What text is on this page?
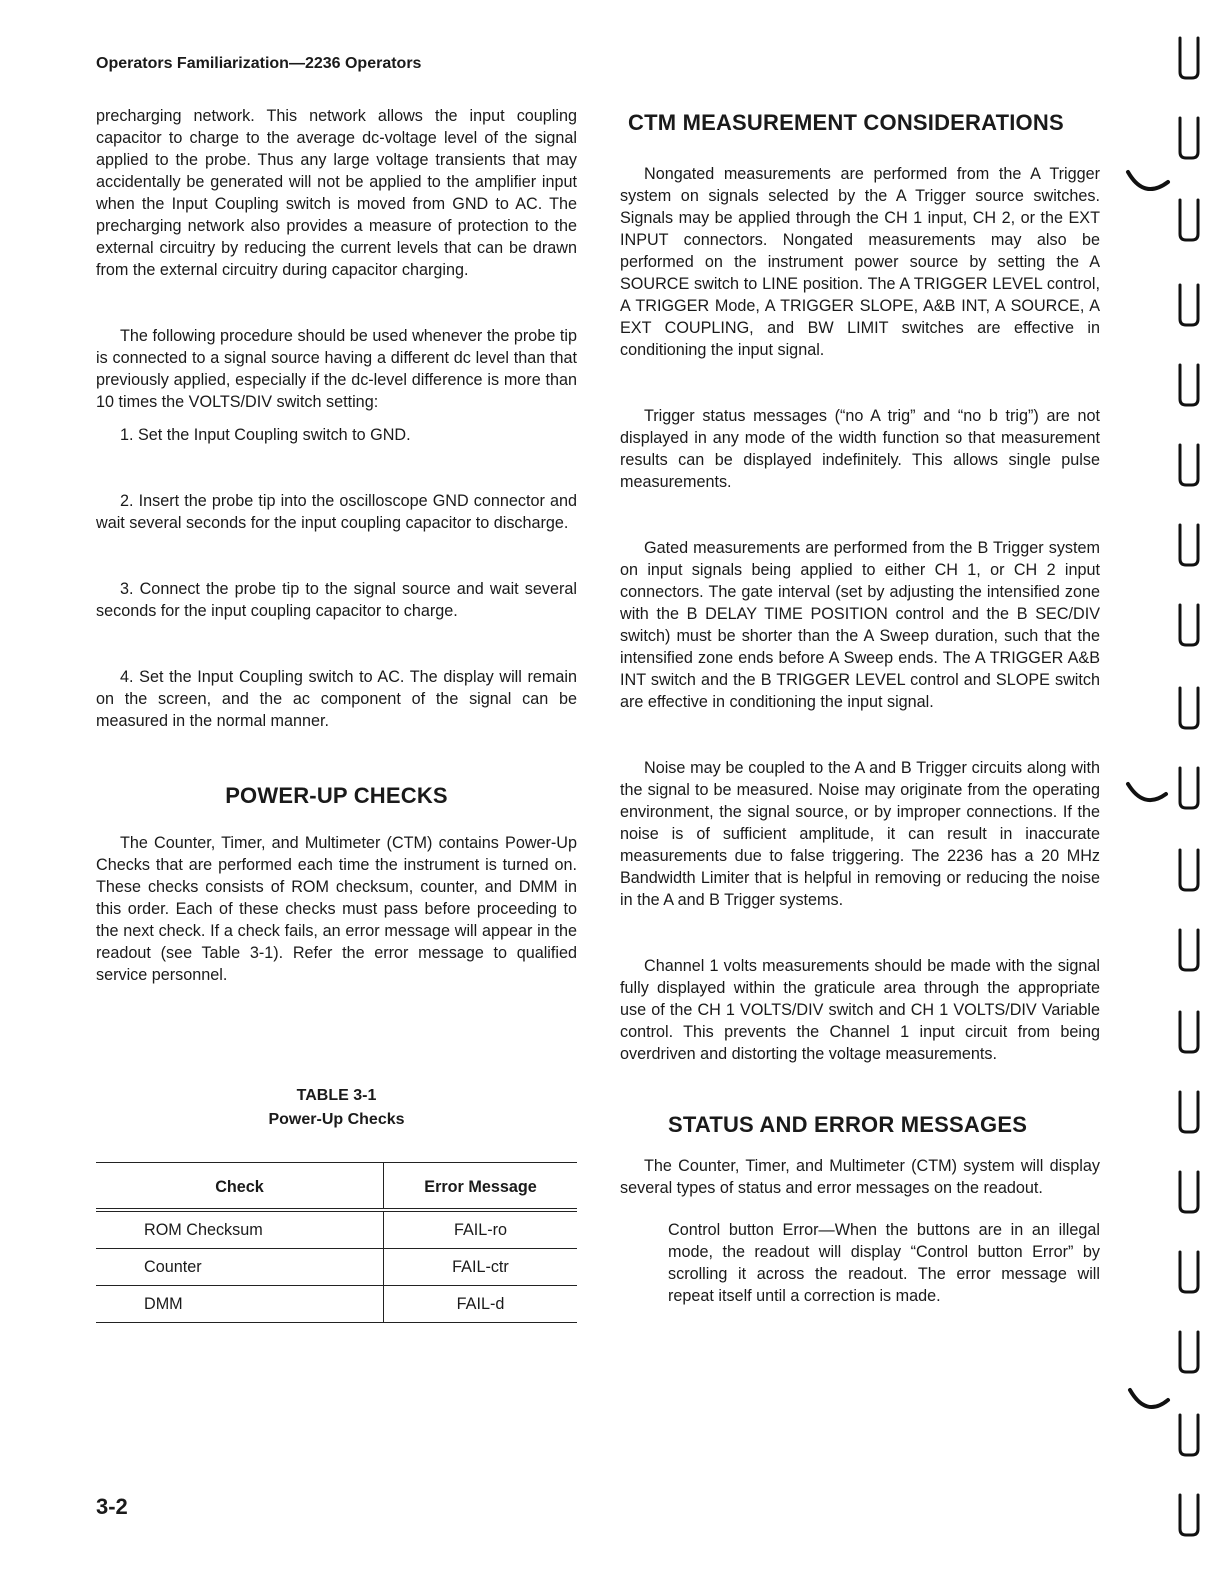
Operators Familiarization—2236 Operators

precharging network. This network allows the input coupling capacitor to charge to the average dc-voltage level of the signal applied to the probe. Thus any large voltage transients that may accidentally be generated will not be applied to the amplifier input when the Input Coupling switch is moved from GND to AC. The precharging network also provides a measure of protection to the external circuitry by reducing the current levels that can be drawn from the external circuitry during capacitor charging.

The following procedure should be used whenever the probe tip is connected to a signal source having a different dc level than that previously applied, especially if the dc-level difference is more than 10 times the VOLTS/DIV switch setting:

1. Set the Input Coupling switch to GND.

2. Insert the probe tip into the oscilloscope GND connector and wait several seconds for the input coupling capacitor to discharge.

3. Connect the probe tip to the signal source and wait several seconds for the input coupling capacitor to charge.

4. Set the Input Coupling switch to AC. The display will remain on the screen, and the ac component of the signal can be measured in the normal manner.

POWER-UP CHECKS

The Counter, Timer, and Multimeter (CTM) contains Power-Up Checks that are performed each time the instrument is turned on. These checks consists of ROM checksum, counter, and DMM in this order. Each of these checks must pass before proceeding to the next check. If a check fails, an error message will appear in the readout (see Table 3-1). Refer the error message to qualified service personnel.

TABLE 3-1
Power-Up Checks
Check	Error Message
ROM Checksum	FAIL-ro
Counter	FAIL-ctr
DMM	FAIL-d
CTM MEASUREMENT CONSIDERATIONS

Nongated measurements are performed from the A Trigger system on signals selected by the A Trigger source switches. Signals may be applied through the CH 1 input, CH 2, or the EXT INPUT connectors. Nongated measurements may also be performed on the instrument power source by setting the A SOURCE switch to LINE position. The A TRIGGER LEVEL control, A TRIGGER Mode, A TRIGGER SLOPE, A&B INT, A SOURCE, A EXT COUPLING, and BW LIMIT switches are effective in conditioning the input signal.

Trigger status messages (“no A trig” and “no b trig”) are not displayed in any mode of the width function so that measurement results can be displayed indefinitely. This allows single pulse measurements.

Gated measurements are performed from the B Trigger system on input signals being applied to either CH 1, or CH 2 input connectors. The gate interval (set by adjusting the intensified zone with the B DELAY TIME POSITION control and the B SEC/DIV switch) must be shorter than the A Sweep duration, such that the intensified zone ends before A Sweep ends. The A TRIGGER A&B INT switch and the B TRIGGER LEVEL control and SLOPE switch are effective in conditioning the input signal.

Noise may be coupled to the A and B Trigger circuits along with the signal to be measured. Noise may originate from the operating environment, the signal source, or by improper connections. If the noise is of sufficient amplitude, it can result in inaccurate measurements due to false triggering. The 2236 has a 20 MHz Bandwidth Limiter that is helpful in removing or reducing the noise in the A and B Trigger systems.

Channel 1 volts measurements should be made with the signal fully displayed within the graticule area through the appropriate use of the CH 1 VOLTS/DIV switch and CH 1 VOLTS/DIV Variable control. This prevents the Channel 1 input circuit from being overdriven and distorting the voltage measurements.

STATUS AND ERROR MESSAGES

The Counter, Timer, and Multimeter (CTM) system will display several types of status and error messages on the readout.

Control button Error—When the buttons are in an illegal mode, the readout will display “Control button Error” by scrolling it across the readout. The error message will repeat itself until a correction is made.

3-2
